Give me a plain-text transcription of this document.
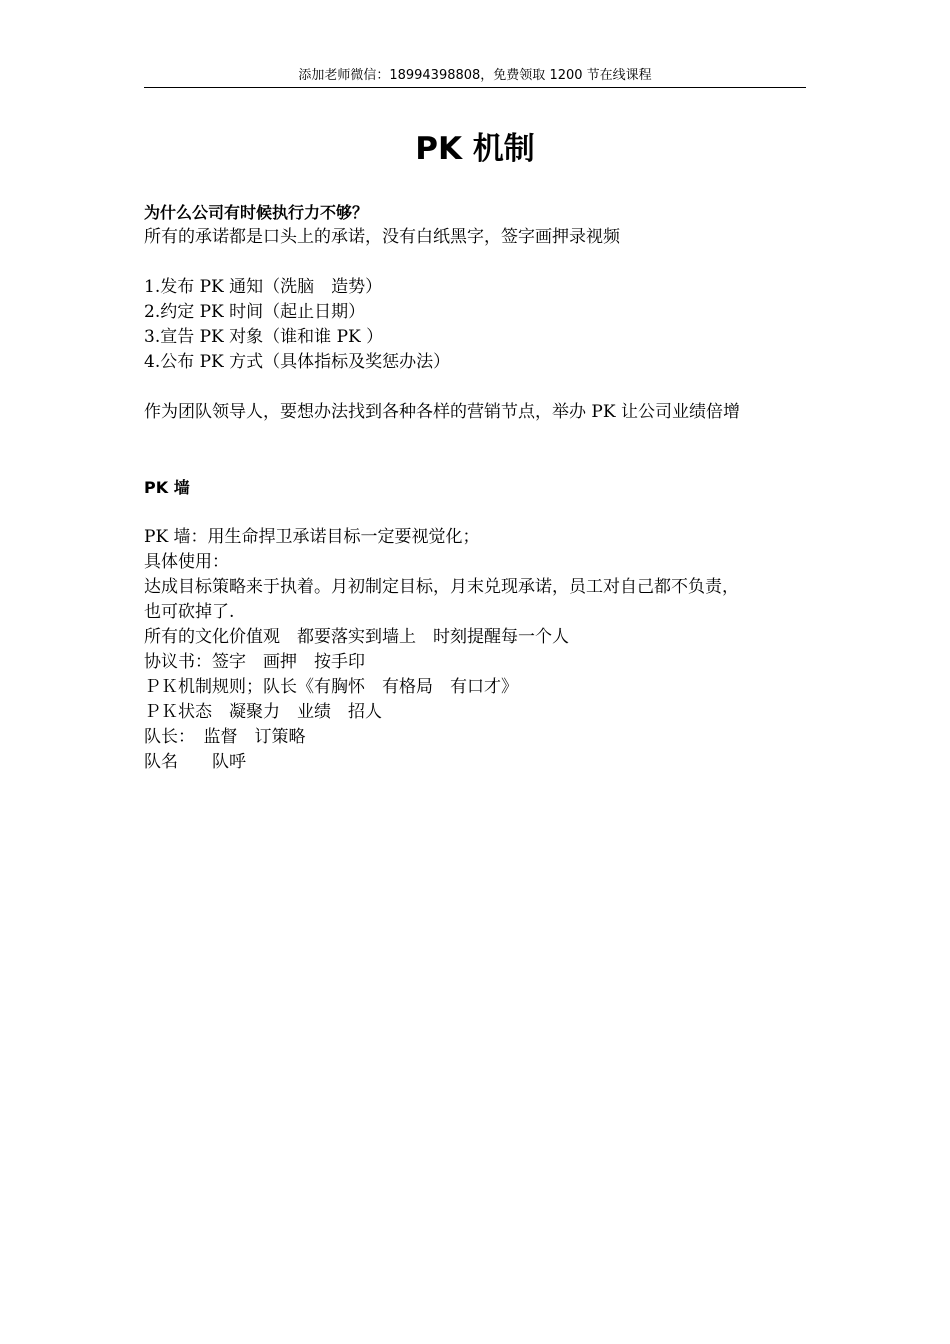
添加老师微信：18994398808，免费领取 1200 节在线课程
PK 机制

为什么公司有时候执行力不够？

所有的承诺都是口头上的承诺，没有白纸黑字，签字画押录视频

1.发布 PK 通知（洗脑　造势）

2.约定 PK 时间（起止日期）

3.宣告 PK 对象（谁和谁 PK ）

4.公布 PK 方式（具体指标及奖惩办法）

作为团队领导人，要想办法找到各种各样的营销节点，举办 PK 让公司业绩倍增

PK 墙

PK 墙：用生命捍卫承诺目标一定要视觉化；

具体使用：

达成目标策略来于执着。月初制定目标，月末兑现承诺，员工对自己都不负责，

也可砍掉了.

所有的文化价值观　都要落实到墙上　时刻提醒每一个人

协议书：签字　画押　按手印

ＰＫ机制规则；队长《有胸怀　有格局　有口才》

ＰＫ状态　凝聚力　业绩　招人

队长：　监督　订策略

队名　　队呼
